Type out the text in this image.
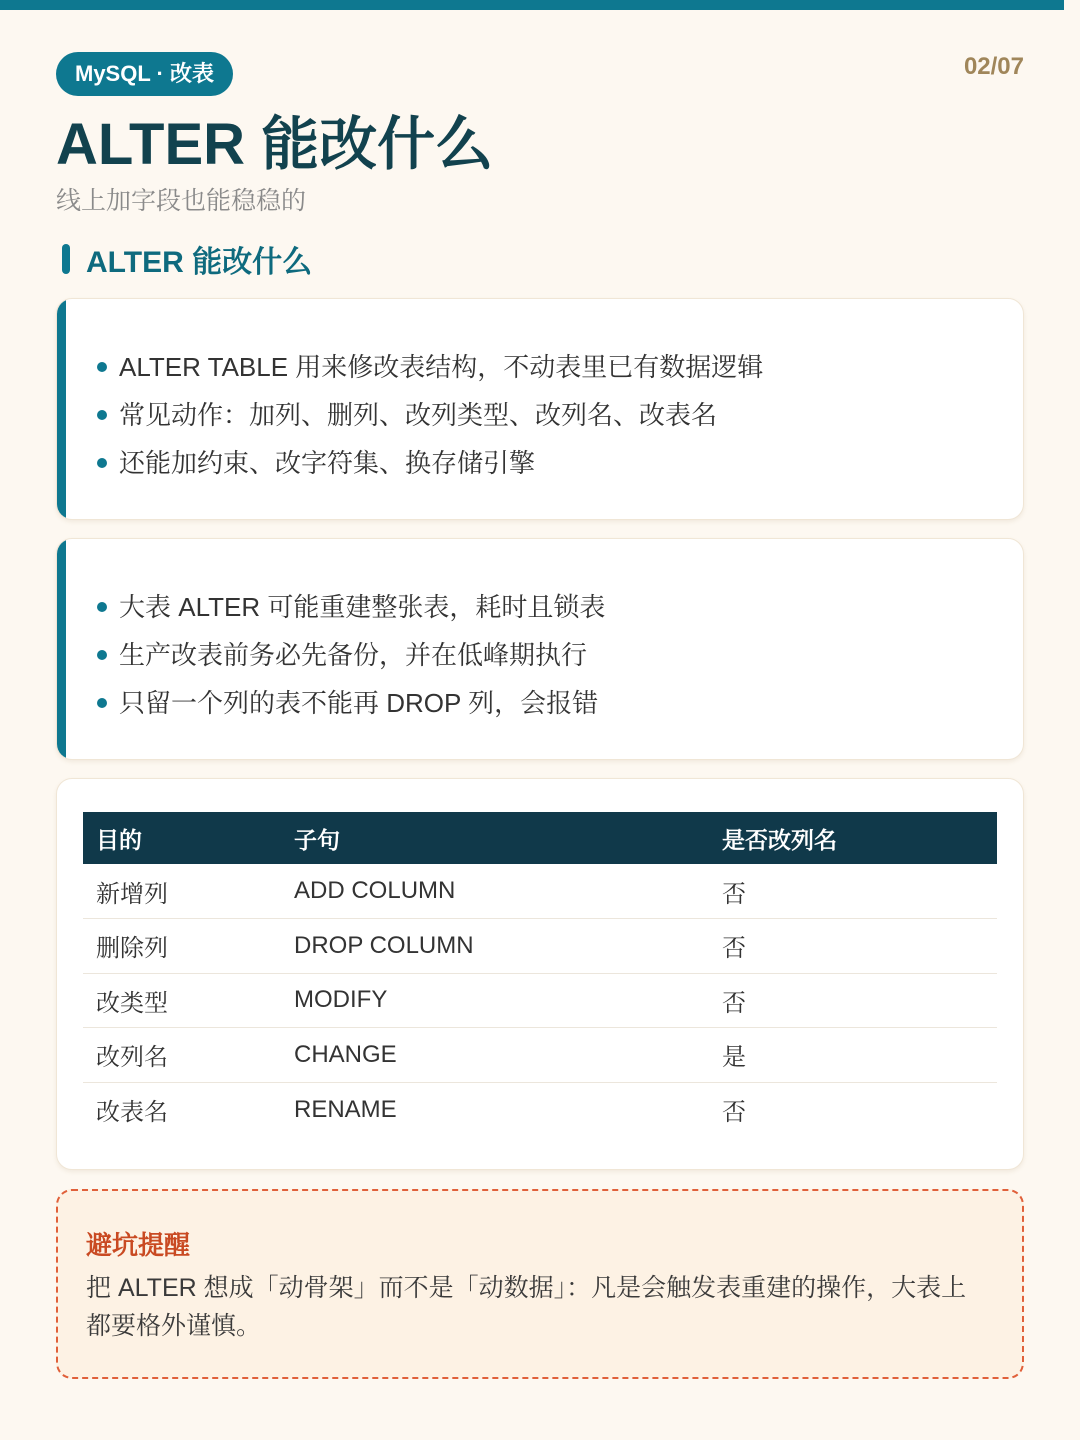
MySQL · 改表	02/07
ALTER 能改什么
线上加字段也能稳稳的
ALTER 能改什么
ALTER TABLE 用来修改表结构，不动表里已有数据逻辑
常见动作：加列、删列、改列类型、改列名、改表名
还能加约束、改字符集、换存储引擎
大表 ALTER 可能重建整张表，耗时且锁表
生产改表前务必先备份，并在低峰期执行
只留一个列的表不能再 DROP 列，会报错
目的	子句	是否改列名
新增列	ADD COLUMN	否
删除列	DROP COLUMN	否
改类型	MODIFY	否
改列名	CHANGE	是
改表名	RENAME	否
避坑提醒
把 ALTER 想成「动骨架」而不是「动数据」：凡是会触发表重建的操作，大表上都要格外谨慎。
